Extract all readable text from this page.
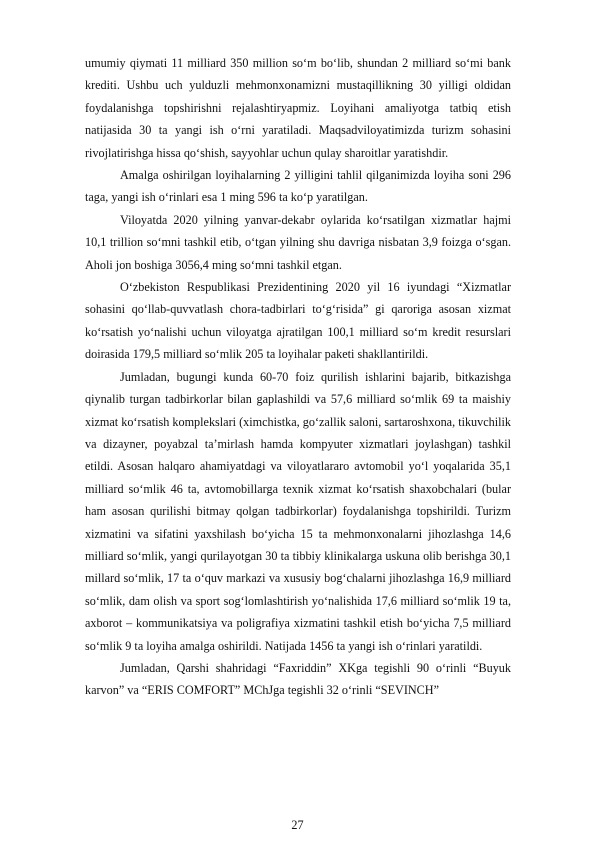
umumiy qiymati 11 milliard 350 million so‘m bo‘lib, shundan 2 milliard so‘mi bank krediti. Ushbu uch yulduzli mehmonxonamizni mustaqillikning 30 yilligi oldidan foydalanishga topshirishni rejalashtiryapmiz. Loyihani amaliyotga tatbiq etish natijasida 30 ta yangi ish o‘rni yaratiladi. Maqsadviloyatimizda turizm sohasini rivojlatirishga hissa qo‘shish, sayyohlar uchun qulay sharoitlar yaratishdir.

Amalga oshirilgan loyihalarning 2 yilligini tahlil qilganimizda loyiha soni 296 taga, yangi ish o‘rinlari esa 1 ming 596 ta ko‘p yaratilgan.

Viloyatda 2020 yilning yanvar-dekabr oylarida ko‘rsatilgan xizmatlar hajmi 10,1 trillion so‘mni tashkil etib, o‘tgan yilning shu davriga nisbatan 3,9 foizga o‘sgan. Aholi jon boshiga 3056,4 ming so‘mni tashkil etgan.

O‘zbekiston Respublikasi Prezidentining 2020 yil 16 iyundagi “Xizmatlar sohasini qo‘llab-quvvatlash chora-tadbirlari to‘g‘risida” gi qaroriga asosan xizmat ko‘rsatish yo‘nalishi uchun viloyatga ajratilgan 100,1 milliard so‘m kredit resurslari doirasida 179,5 milliard so‘mlik 205 ta loyihalar paketi shakllantirildi.

Jumladan, bugungi kunda 60-70 foiz qurilish ishlarini bajarib, bitkazishga qiynalib turgan tadbirkorlar bilan gaplashildi va 57,6 milliard so‘mlik 69 ta maishiy xizmat ko‘rsatish komplekslari (ximchistka, go‘zallik saloni, sartaroshxona, tikuvchilik va dizayner, poyabzal ta’mirlash hamda kompyuter xizmatlari joylashgan) tashkil etildi. Asosan halqaro ahamiyatdagi va viloyatlararo avtomobil yo‘l yoqalarida 35,1 milliard so‘mlik 46 ta, avtomobillarga texnik xizmat ko‘rsatish shaxobchalari (bular ham asosan qurilishi bitmay qolgan tadbirkorlar) foydalanishga topshirildi. Turizm xizmatini va sifatini yaxshilash bo‘yicha 15 ta mehmonxonalarni jihozlashga 14,6 milliard so‘mlik, yangi qurilayotgan 30 ta tibbiy klinikalarga uskuna olib berishga 30,1 millard so‘mlik, 17 ta o‘quv markazi va xususiy bog‘chalarni jihozlashga 16,9 milliard so‘mlik, dam olish va sport sog‘lomlashtirish yo‘nalishida 17,6 milliard so‘mlik 19 ta, axborot – kommunikatsiya va poligrafiya xizmatini tashkil etish bo‘yicha 7,5 milliard so‘mlik 9 ta loyiha amalga oshirildi. Natijada 1456 ta yangi ish o‘rinlari yaratildi.

Jumladan, Qarshi shahridagi “Faxriddin” XKga tegishli 90 o‘rinli “Buyuk karvon” va “ERIS COMFORT” MChJga tegishli 32 o‘rinli “SEVINCH”

27
